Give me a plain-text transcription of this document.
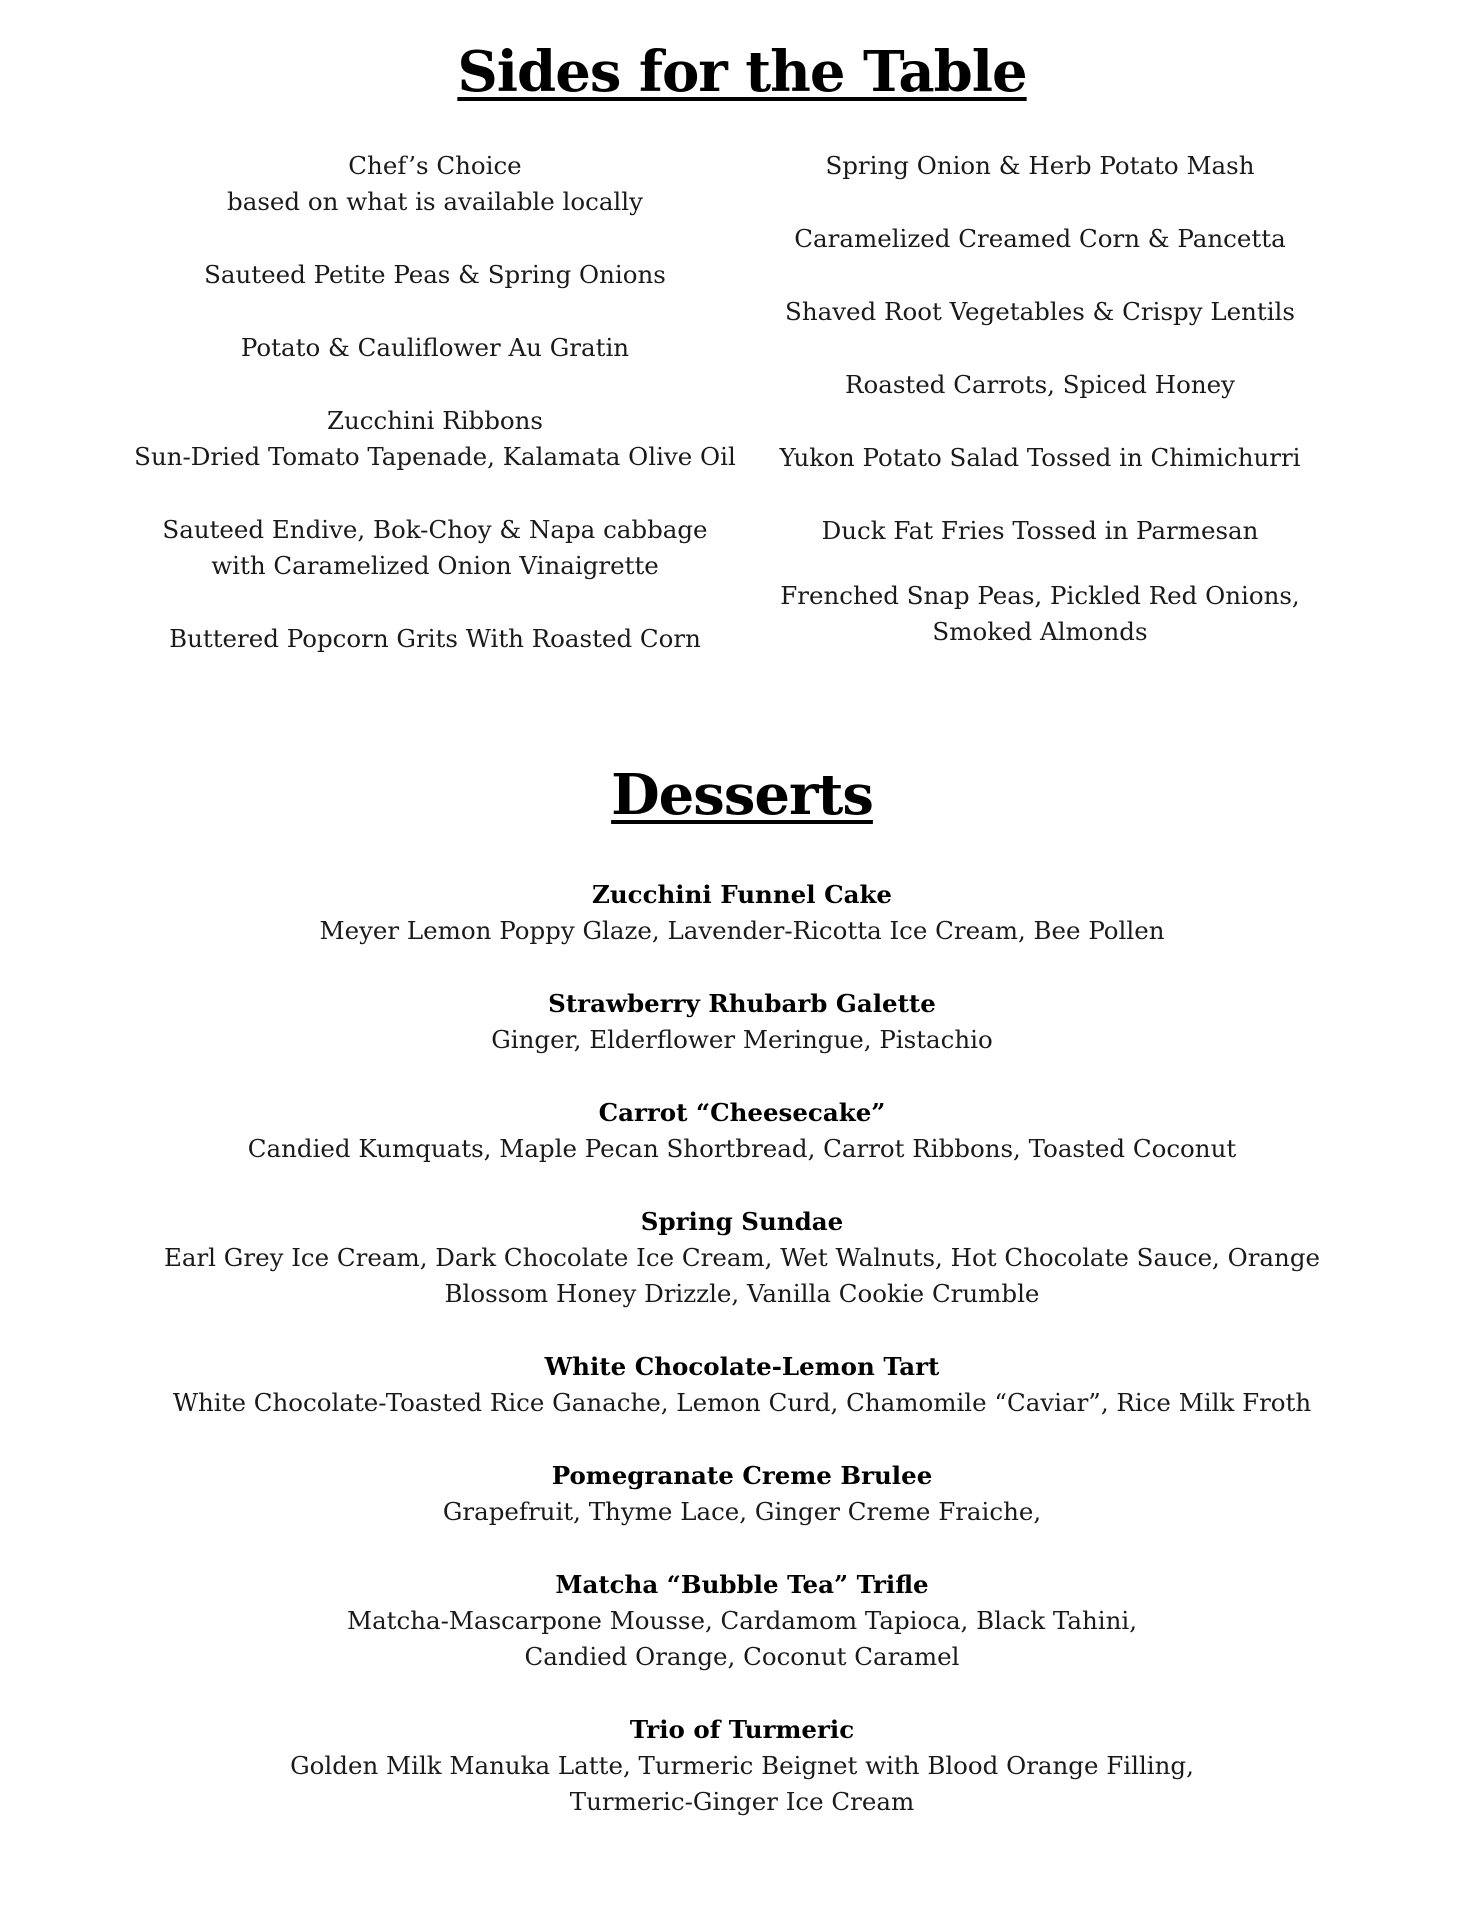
Sides for the Table

Chef’s Choice
based on what is available locally

Sauteed Petite Peas & Spring Onions

Potato & Cauliflower Au Gratin

Zucchini Ribbons
Sun-Dried Tomato Tapenade, Kalamata Olive Oil

Sauteed Endive, Bok-Choy & Napa cabbage
with Caramelized Onion Vinaigrette

Buttered Popcorn Grits With Roasted Corn

Spring Onion & Herb Potato Mash

Caramelized Creamed Corn & Pancetta

Shaved Root Vegetables & Crispy Lentils

Roasted Carrots, Spiced Honey

Yukon Potato Salad Tossed in Chimichurri

Duck Fat Fries Tossed in Parmesan

Frenched Snap Peas, Pickled Red Onions,
Smoked Almonds

Desserts
Zucchini Funnel Cake
Meyer Lemon Poppy Glaze, Lavender-Ricotta Ice Cream, Bee Pollen
Strawberry Rhubarb Galette
Ginger, Elderflower Meringue, Pistachio
Carrot “Cheesecake”
Candied Kumquats, Maple Pecan Shortbread, Carrot Ribbons, Toasted Coconut
Spring Sundae
Earl Grey Ice Cream, Dark Chocolate Ice Cream, Wet Walnuts, Hot Chocolate Sauce, Orange
Blossom Honey Drizzle, Vanilla Cookie Crumble
White Chocolate-Lemon Tart
White Chocolate-Toasted Rice Ganache, Lemon Curd, Chamomile “Caviar”, Rice Milk Froth
Pomegranate Creme Brulee
Grapefruit, Thyme Lace, Ginger Creme Fraiche,
Matcha “Bubble Tea” Trifle
Matcha-Mascarpone Mousse, Cardamom Tapioca, Black Tahini,
Candied Orange, Coconut Caramel
Trio of Turmeric
Golden Milk Manuka Latte, Turmeric Beignet with Blood Orange Filling,
Turmeric-Ginger Ice Cream
